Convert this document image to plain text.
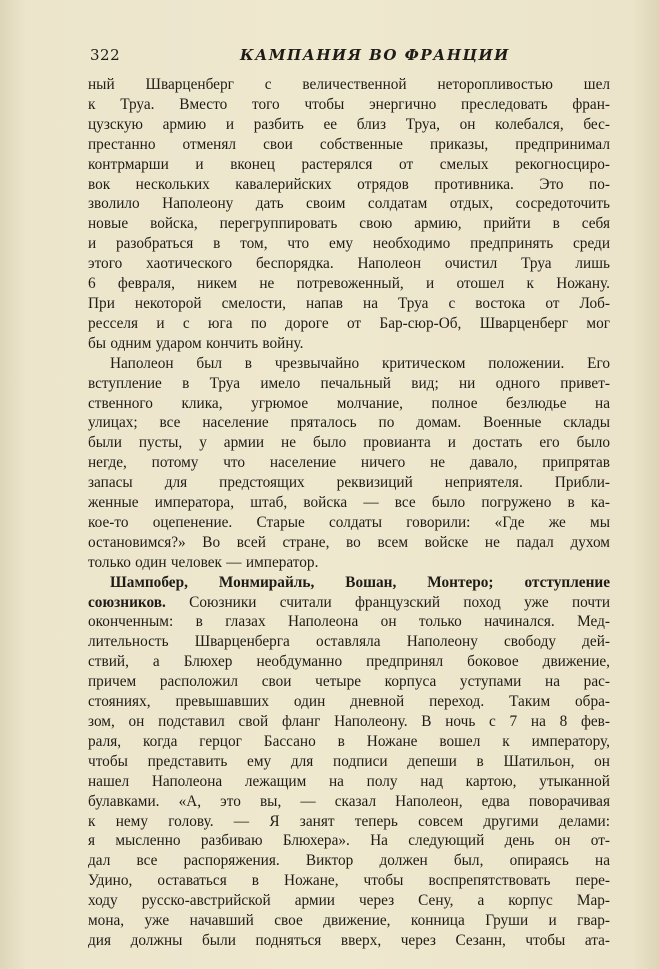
322	КАМПАНИЯ ВО ФРАНЦИИ

ный Шварценберг с величественной неторопливостью шел
к Труа. Вместо того чтобы энергично преследовать фран-
цузскую армию и разбить ее близ Труа, он колебался, бес-
престанно отменял свои собственные приказы, предпринимал
контрмарши и вконец растерялся от смелых рекогносциро-
вок нескольких кавалерийских отрядов противника. Это по-
зволило Наполеону дать своим солдатам отдых, сосредоточить
новые войска, перегруппировать свою армию, прийти в себя
и разобраться в том, что ему необходимо предпринять среди
этого хаотического беспорядка. Наполеон очистил Труа лишь
6 февраля, никем не потревоженный, и отошел к Ножану.
При некоторой смелости, напав на Труа с востока от Лоб-
ресселя и с юга по дороге от Бар-сюр-Об, Шварценберг мог
бы одним ударом кончить войну.

Наполеон был в чрезвычайно критическом положении. Его
вступление в Труа имело печальный вид; ни одного привет-
ственного клика, угрюмое молчание, полное безлюдье на
улицах; все население пряталось по домам. Военные склады
были пусты, у армии не было провианта и достать его было
негде, потому что население ничего не давало, припрятав
запасы для предстоящих реквизиций неприятеля. Прибли-
женные императора, штаб, войска — все было погружено в ка-
кое-то оцепенение. Старые солдаты говорили: «Где же мы
остановимся?» Во всей стране, во всем войске не падал духом
только один человек — император.

Шампобер, Монмирайль, Вошан, Монтеро; отступление
союзников. Союзники считали французский поход уже почти
оконченным: в глазах Наполеона он только начинался. Мед-
лительность Шварценберга оставляла Наполеону свободу дей-
ствий, а Блюхер необдуманно предпринял боковое движение,
причем расположил свои четыре корпуса уступами на рас-
стояниях, превышавших один дневной переход. Таким обра-
зом, он подставил свой фланг Наполеону. В ночь с 7 на 8 фев-
раля, когда герцог Бассано в Ножане вошел к императору,
чтобы представить ему для подписи депеши в Шатильон, он
нашел Наполеона лежащим на полу над картою, утыканной
булавками. «А, это вы, — сказал Наполеон, едва поворачивая
к нему голову. — Я занят теперь совсем другими делами:
я мысленно разбиваю Блюхера». На следующий день он от-
дал все распоряжения. Виктор должен был, опираясь на
Удино, оставаться в Ножане, чтобы воспрепятствовать пере-
ходу русско-австрийской армии через Сену, а корпус Мар-
мона, уже начавший свое движение, конница Груши и гвар-
дия должны были подняться вверх, через Сезанн, чтобы ата-
